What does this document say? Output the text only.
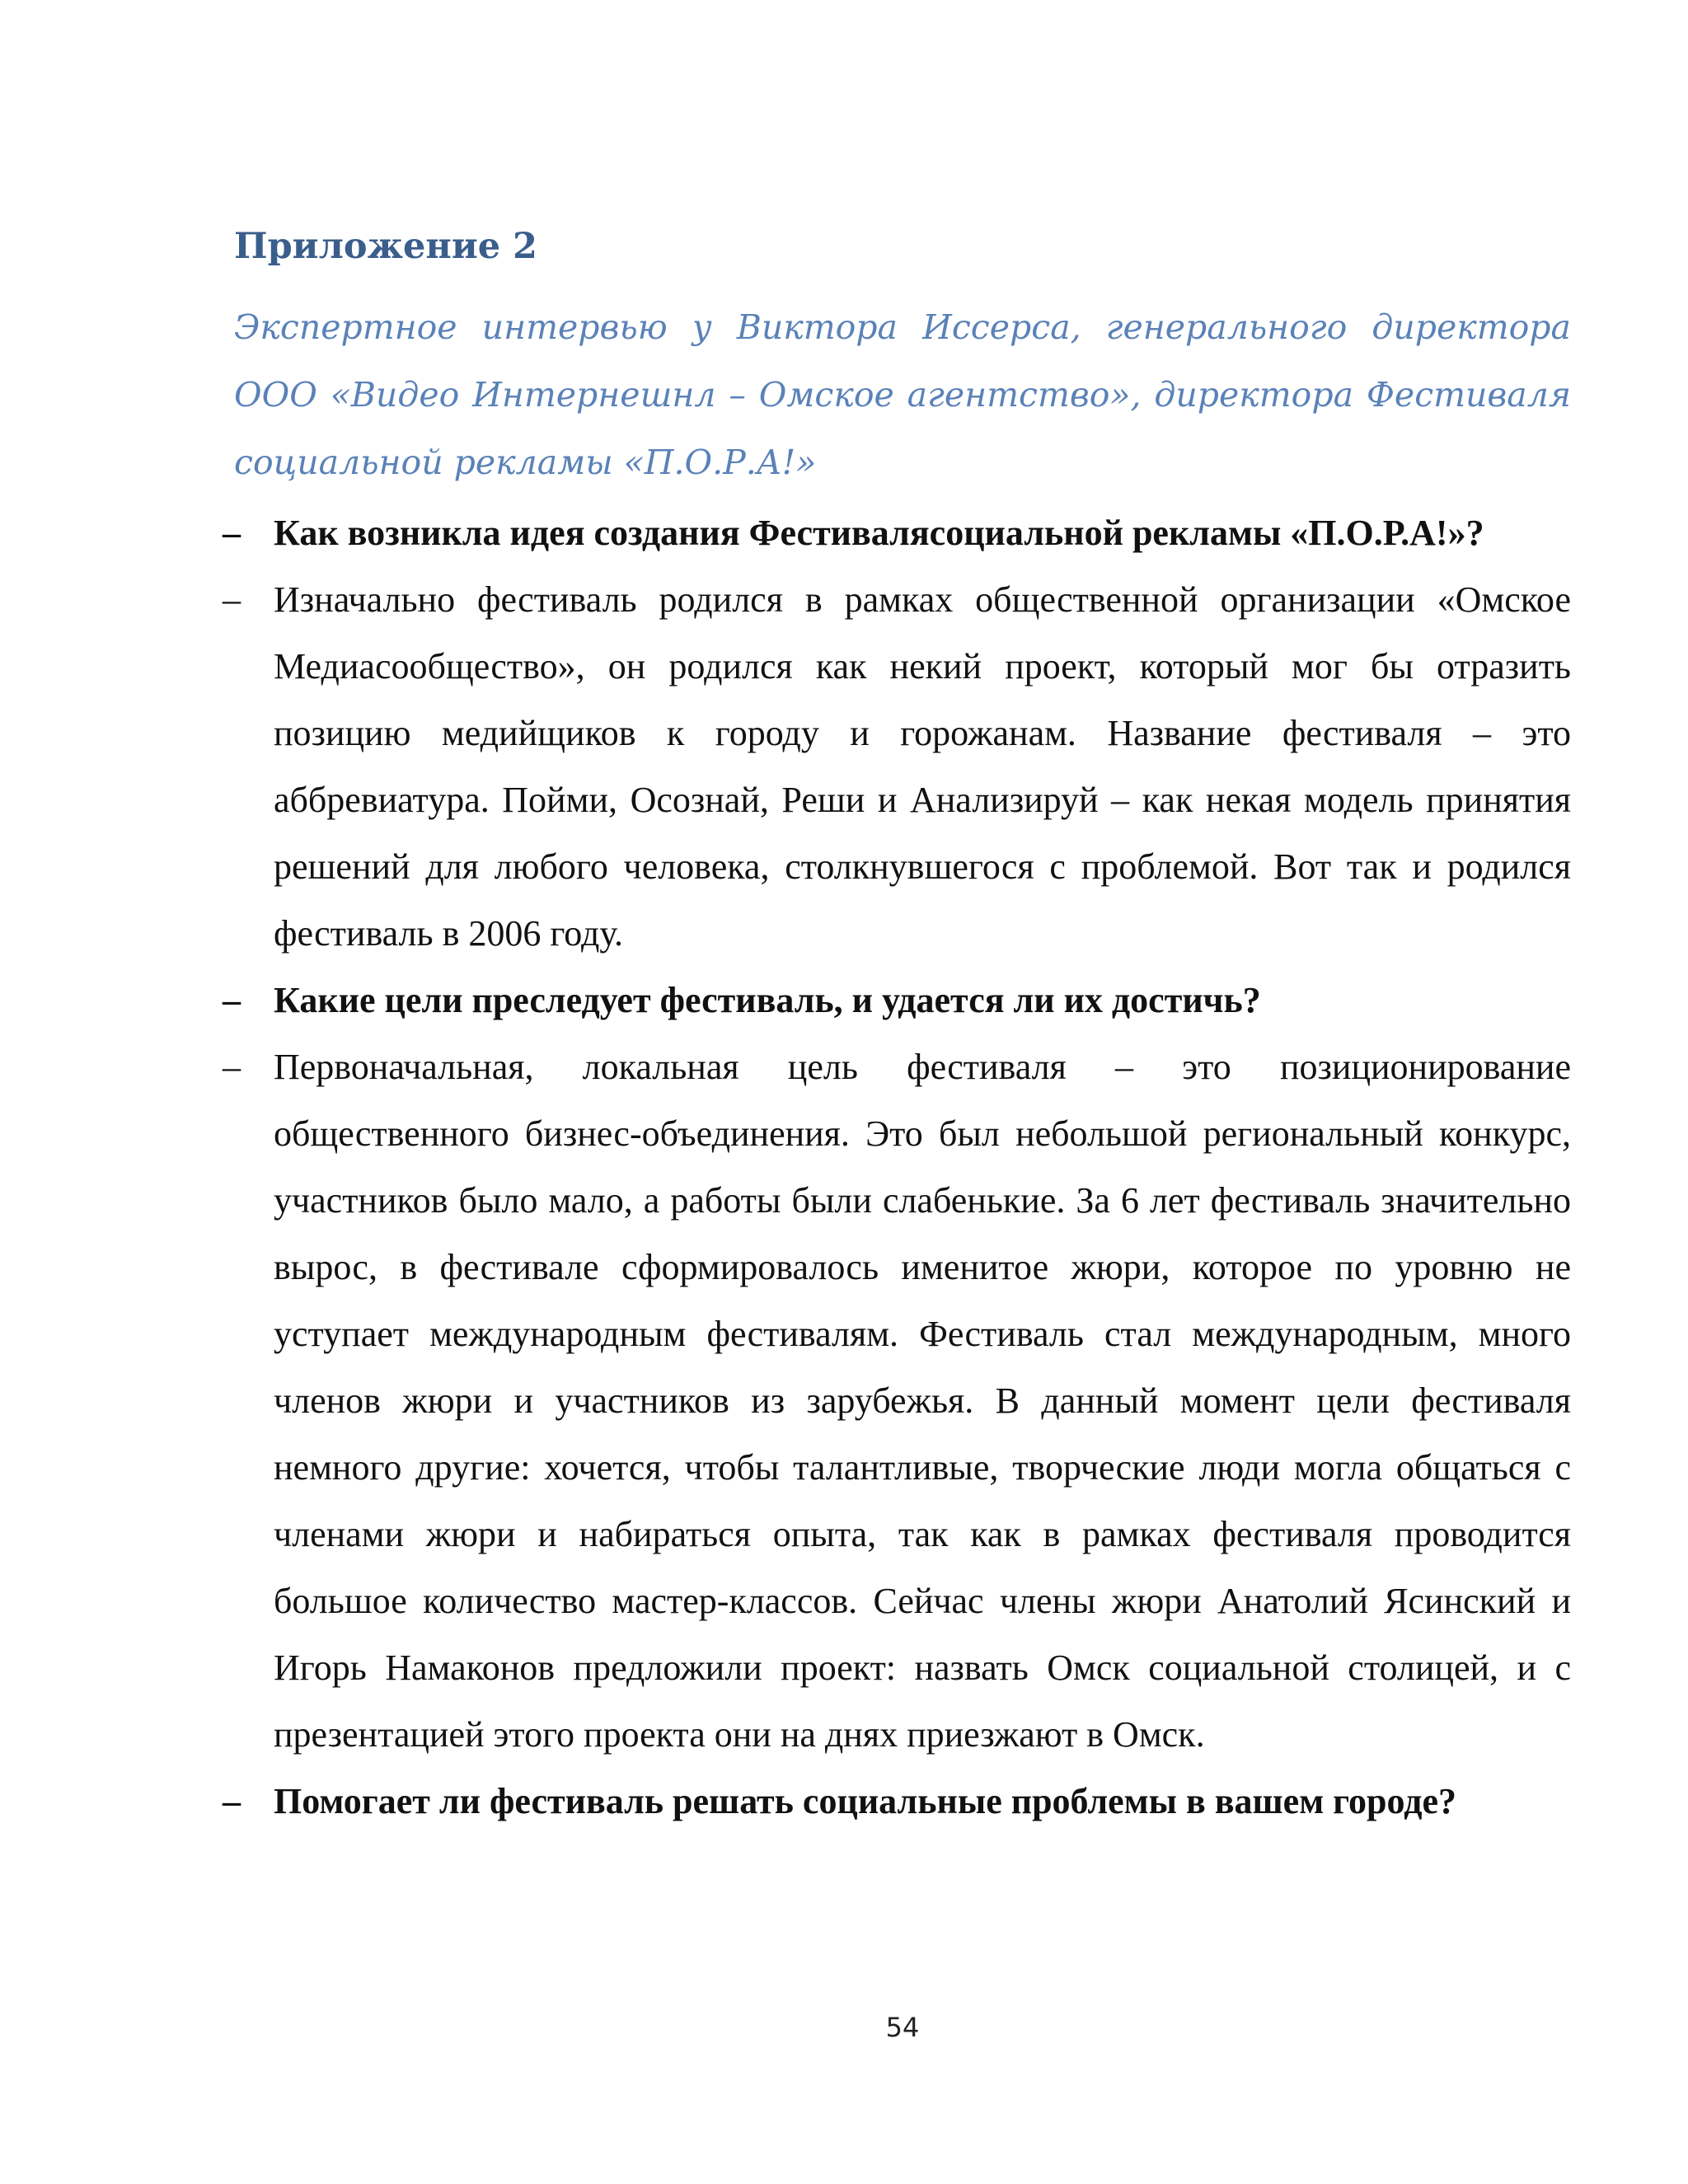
Приложение 2

Экспертное интервью у Виктора Иссерса, генерального директора ООО «Видео Интернешнл – Омское агентство», директора Фестиваля социальной рекламы «П.О.Р.А!»

– Как возникла идея создания Фестивалясоциальной рекламы «П.О.Р.А!»?
– Изначально фестиваль родился в рамках общественной организации «Омское Медиасообщество», он родился как некий проект, который мог бы отразить позицию медийщиков к городу и горожанам. Название фестиваля – это аббревиатура. Пойми, Осознай, Реши и Анализируй – как некая модель принятия решений для любого человека, столкнувшегося с проблемой. Вот так и родился фестиваль в 2006 году.
– Какие цели преследует фестиваль, и удается ли их достичь?
– Первоначальная, локальная цель фестиваля – это позиционирование общественного бизнес-объединения. Это был небольшой региональный конкурс, участников было мало, а работы были слабенькие. За 6 лет фестиваль значительно вырос, в фестивале сформировалось именитое жюри, которое по уровню не уступает международным фестивалям. Фестиваль стал международным, много членов жюри и участников из зарубежья. В данный момент цели фестиваля немного другие: хочется, чтобы талантливые, творческие люди могла общаться с членами жюри и набираться опыта, так как в рамках фестиваля проводится большое количество мастер-классов. Сейчас члены жюри Анатолий Ясинский и Игорь Намаконов предложили проект: назвать Омск социальной столицей, и с презентацией этого проекта они на днях приезжают в Омск.
– Помогает ли фестиваль решать социальные проблемы в вашем городе?
54
